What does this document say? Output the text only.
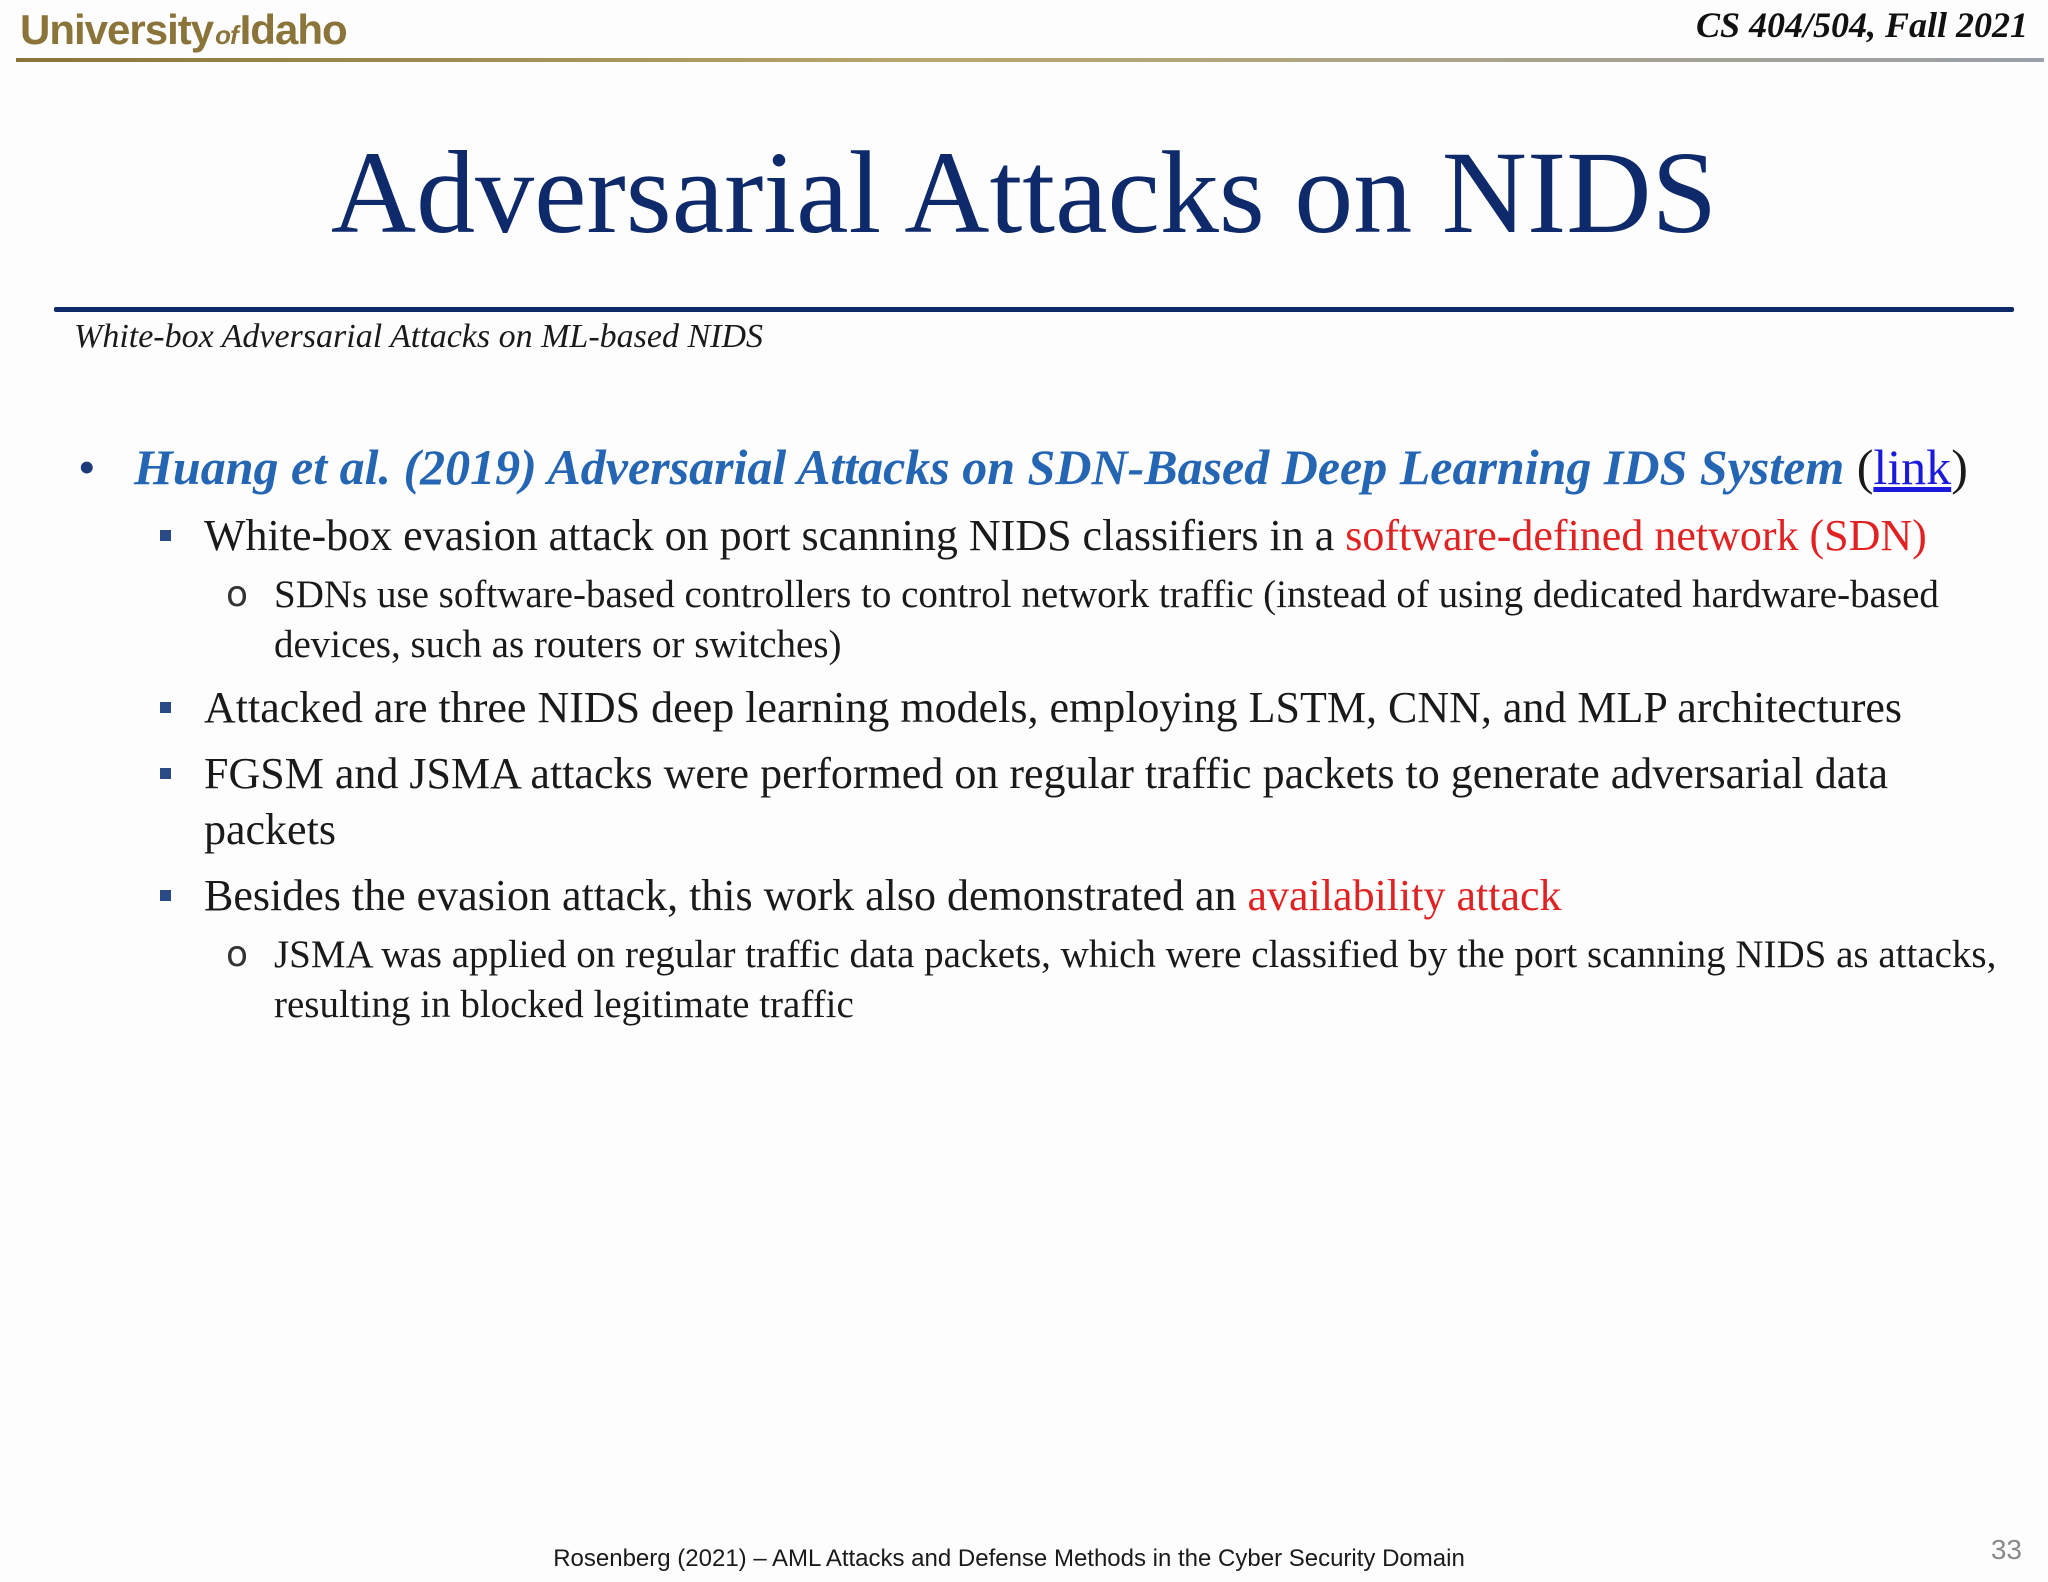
University of Idaho	CS 404/504, Fall 2021
Adversarial Attacks on NIDS
White-box Adversarial Attacks on ML-based NIDS
• Huang et al. (2019) Adversarial Attacks on SDN-Based Deep Learning IDS System (link)
White-box evasion attack on port scanning NIDS classifiers in a software-defined network (SDN)
o SDNs use software-based controllers to control network traffic (instead of using dedicated hardware-based devices, such as routers or switches)
Attacked are three NIDS deep learning models, employing LSTM, CNN, and MLP architectures
FGSM and JSMA attacks were performed on regular traffic packets to generate adversarial data packets
Besides the evasion attack, this work also demonstrated an availability attack
o JSMA was applied on regular traffic data packets, which were classified by the port scanning NIDS as attacks, resulting in blocked legitimate traffic
Rosenberg (2021) – AML Attacks and Defense Methods in the Cyber Security Domain	33
